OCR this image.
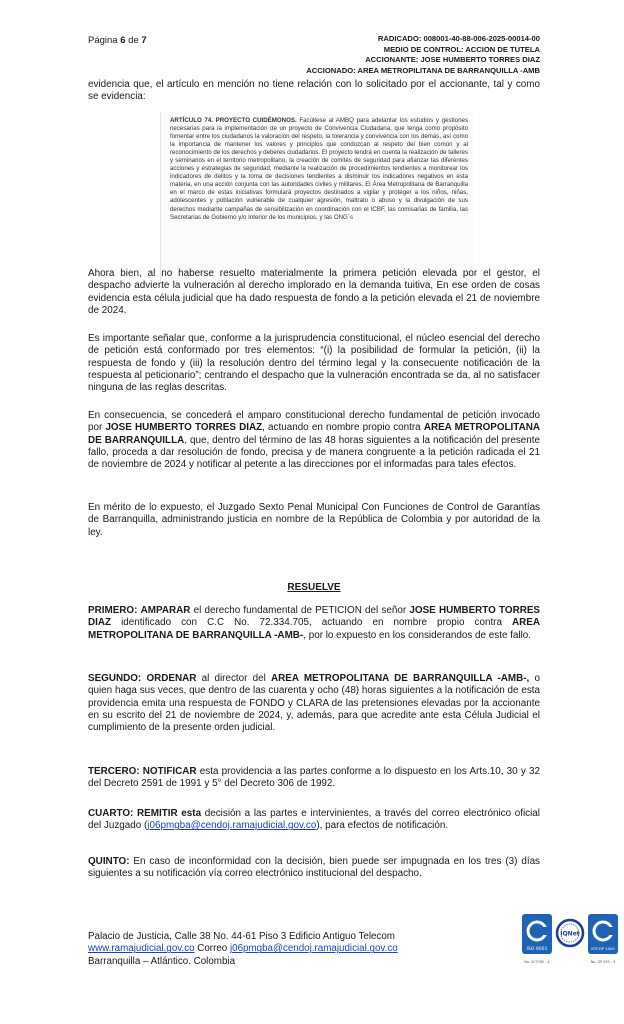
Página 6 de 7	RADICADO: 008001-40-88-006-2025-00014-00
MEDIO DE CONTROL: ACCION DE TUTELA
ACCIONANTE: JOSE HUMBERTO TORRES DIAZ
ACCIONADO: AREA METROPILITANA DE BARRANQUILLA -AMB
evidencia que, el artículo en mención no tiene relación con lo solicitado por el accionante, tal y como se evidencia:
ARTÍCULO 74. PROYECTO CUIDÉMONOS. Facúltese al AMBQ para adelantar los estudios y gestiones necesarias para la implementación de un proyecto de Convivencia Ciudadana, que tenga como propósito fomentar entre los ciudadanos la valoración del respeto, la tolerancia y convivencia con los demás, así como la importancia de mantener los valores y principios que conduzcan al respeto del bien común y al reconocimiento de los derechos y deberes ciudadanos. El proyecto tendrá en cuenta la realización de talleres y seminarios en el territorio metropolitano, la creación de comités de seguridad para afianzar las diferentes acciones y estrategias de seguridad, mediante la realización de procedimientos tendientes a monitorear los indicadores de delitos y la toma de decisiones tendientes a disminuir los indicadores negativos en esta materia, en una acción conjunta con las autoridades civiles y militares. El Área Metropolitana de Barranquilla en el marco de estas iniciativas formulará proyectos destinados a vigilar y proteger a los niños, niñas, adolescentes y población vulnerable de cualquier agresión, maltrato o abuso y la divulgación de sus derechos mediante campañas de sensibilización en coordinación con el ICBF, las comisarías de familia, las Secretarias de Gobierno y/o Interior de los municipios, y las ONG´s
Ahora bien, al no haberse resuelto materialmente la primera petición elevada por el gestor, el despacho advierte la vulneración al derecho implorado en la demanda tuitiva, En ese orden de cosas evidencia esta célula judicial que ha dado respuesta de fondo a la petición elevada el 21 de noviembre de 2024.
Es importante señalar que, conforme a la jurisprudencia constitucional, el núcleo esencial del derecho de petición está conformado por tres elementos: “(i) la posibilidad de formular la petición, (ii) la respuesta de fondo y (iii) la resolución dentro del término legal y la consecuente notificación de la respuesta al peticionario”; centrando el despacho que la vulneración encontrada se da, al no satisfacer ninguna de las reglas descritas.
En consecuencia, se concederá el amparo constitucional derecho fundamental de petición invocado por JOSE HUMBERTO TORRES DIAZ, actuando en nombre propio contra AREA METROPOLITANA DE BARRANQUILLA, que, dentro del término de las 48 horas siguientes a la notificación del presente fallo, proceda a dar resolución de fondo, precisa y de manera congruente a la petición radicada el 21 de noviembre de 2024 y notificar al petente a las direcciones por el informadas para tales efectos.
En mérito de lo expuesto, el Juzgado Sexto Penal Municipal Con Funciones de Control de Garantías de Barranquilla, administrando justicia en nombre de la República de Colombia y por autoridad de la ley.
RESUELVE
PRIMERO: AMPARAR el derecho fundamental de PETICION del señor JOSE HUMBERTO TORRES DIAZ identificado con C.C No. 72.334.705, actuando en nombre propio contra AREA METROPOLITANA DE BARRANQUILLA -AMB-, por lo expuesto en los considerandos de este fallo.
SEGUNDO: ORDENAR al director del AREA METROPOLITANA DE BARRANQUILLA -AMB-, o quien haga sus veces, que dentro de las cuarenta y ocho (48) horas siguientes a la notificación de esta providencia emita una respuesta de FONDO y CLARA de las pretensiones elevadas por la accionante en su escrito del 21 de noviembre de 2024, y, además, para que acredite ante esta Célula Judicial el cumplimiento de la presente orden judicial.
TERCERO: NOTIFICAR esta providencia a las partes conforme a lo dispuesto en los Arts.10, 30 y 32 del Decreto 2591 de 1991 y 5° del Decreto 306 de 1992.
CUARTO: REMITIR esta decisión a las partes e intervinientes, a través del correo electrónico oficial del Juzgado (j06pmgba@cendoj.ramajudicial.gov.co), para efectos de notificación.
QUINTO: En caso de inconformidad con la decisión, bien puede ser impugnada en los tres (3) días siguientes a su notificación vía correo electrónico institucional del despacho.
Palacio de Justicia, Calle 38 No. 44-61 Piso 3 Edificio Antiguo Telecom
www.ramajudicial.gov.co Correo j06pmgba@cendoj.ramajudicial.gov.co
Barranquilla – Atlántico. Colombia
ISO 9001
No. SC5780 - 4
IQNet
NTCGP 1000
No. GP 059 - 4
